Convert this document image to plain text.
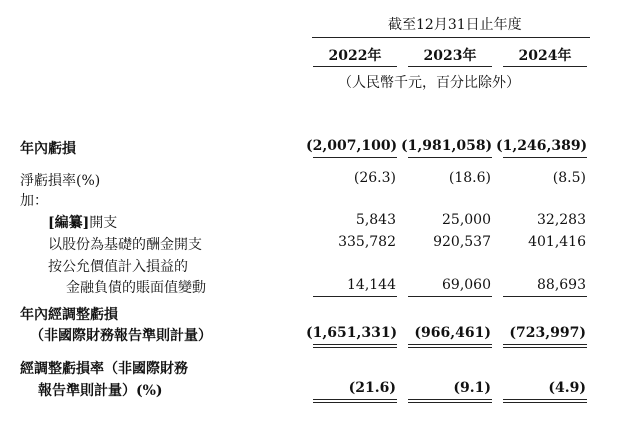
截至12月31日止年度
2022年	2023年	2024年
（人民幣千元，百分比除外）
年內虧損	(2,007,100) (1,981,058) (1,246,389)
淨虧損率(%)	(26.3)	(18.6)	(8.5)
加：
[編纂]開支	5,843	25,000	32,283
以股份為基礎的酬金開支	335,782	920,537	401,416
按公允價值計入損益的
金融負債的賬面值變動	14,144	69,060	88,693
年內經調整虧損
（非國際財務報告準則計量）	(1,651,331)	(966,461)	(723,997)
經調整虧損率（非國際財務
報告準則計量）(%)	(21.6)	(9.1)	(4.9)
